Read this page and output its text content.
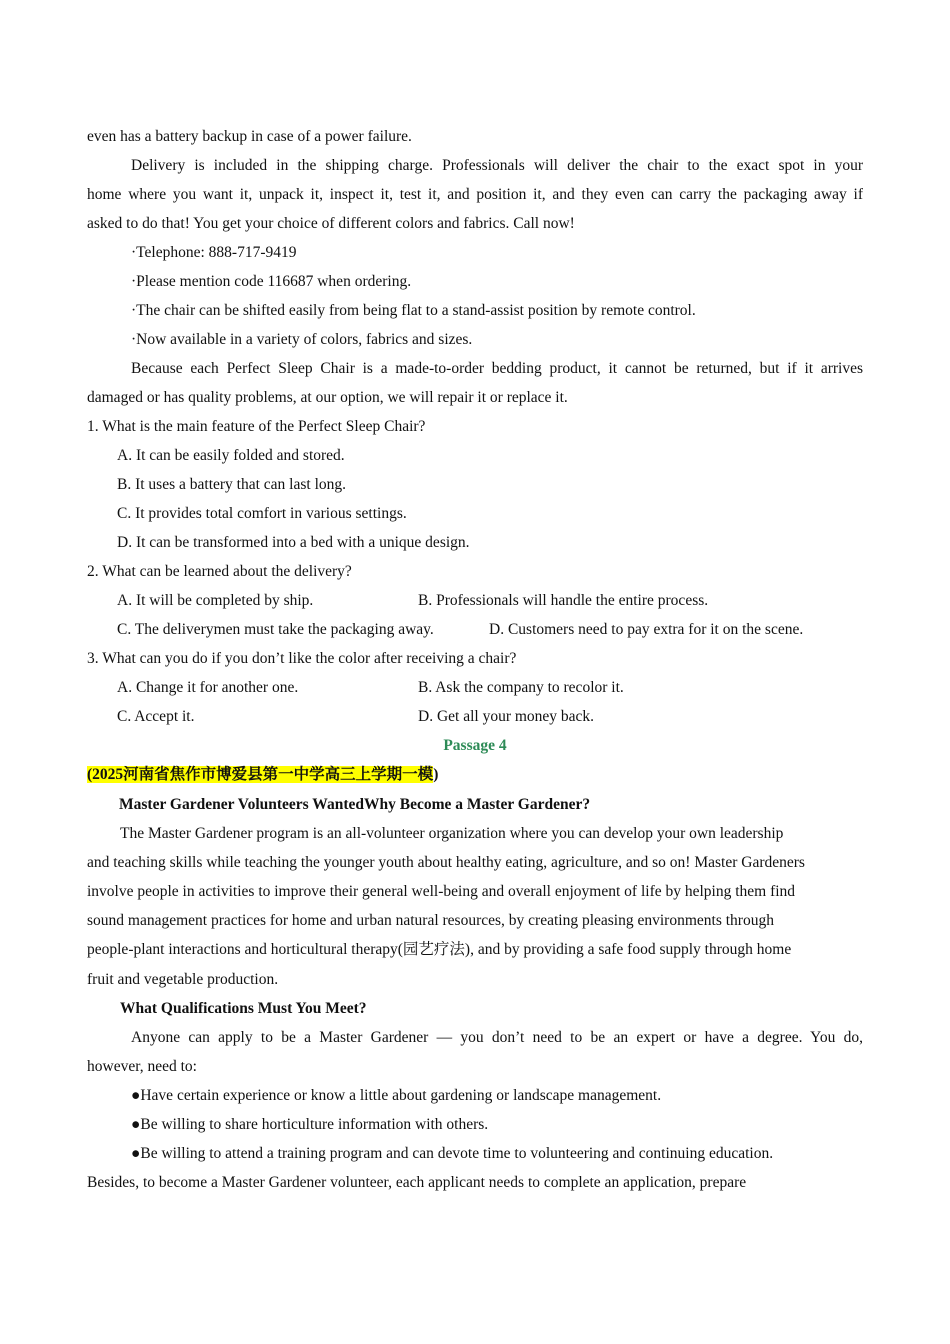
even has a battery backup in case of a power failure.
Delivery is included in the shipping charge. Professionals will deliver the chair to the exact spot in your
home where you want it, unpack it, inspect it, test it, and position it, and they even can carry the packaging away if
asked to do that! You get your choice of different colors and fabrics. Call now!
·Telephone: 888-717-9419
·Please mention code 116687 when ordering.
·The chair can be shifted easily from being flat to a stand-assist position by remote control.
·Now available in a variety of colors, fabrics and sizes.
Because each Perfect Sleep Chair is a made-to-order bedding product, it cannot be returned, but if it arrives
damaged or has quality problems, at our option, we will repair it or replace it.
1. What is the main feature of the Perfect Sleep Chair?
A. It can be easily folded and stored.
B. It uses a battery that can last long.
C. It provides total comfort in various settings.
D. It can be transformed into a bed with a unique design.
2. What can be learned about the delivery?
A. It will be completed by ship.	B. Professionals will handle the entire process.
C. The deliverymen must take the packaging away.	D. Customers need to pay extra for it on the scene.
3. What can you do if you don’t like the color after receiving a chair?
A. Change it for another one.	B. Ask the company to recolor it.
C. Accept it.	D. Get all your money back.
Passage 4
(2025河南省焦作市博爱县第一中学高三上学期一模)
Master Gardener Volunteers WantedWhy Become a Master Gardener?
The Master Gardener program is an all-volunteer organization where you can develop your own leadership
and teaching skills while teaching the younger youth about healthy eating, agriculture, and so on! Master Gardeners
involve people in activities to improve their general well-being and overall enjoyment of life by helping them find
sound management practices for home and urban natural resources, by creating pleasing environments through
people-plant interactions and horticultural therapy(园艺疗法), and by providing a safe food supply through home
fruit and vegetable production.
What Qualifications Must You Meet?
Anyone can apply to be a Master Gardener — you don’t need to be an expert or have a degree. You do,
however, need to:
●Have certain experience or know a little about gardening or landscape management.
●Be willing to share horticulture information with others.
●Be willing to attend a training program and can devote time to volunteering and continuing education.
Besides, to become a Master Gardener volunteer, each applicant needs to complete an application, prepare
